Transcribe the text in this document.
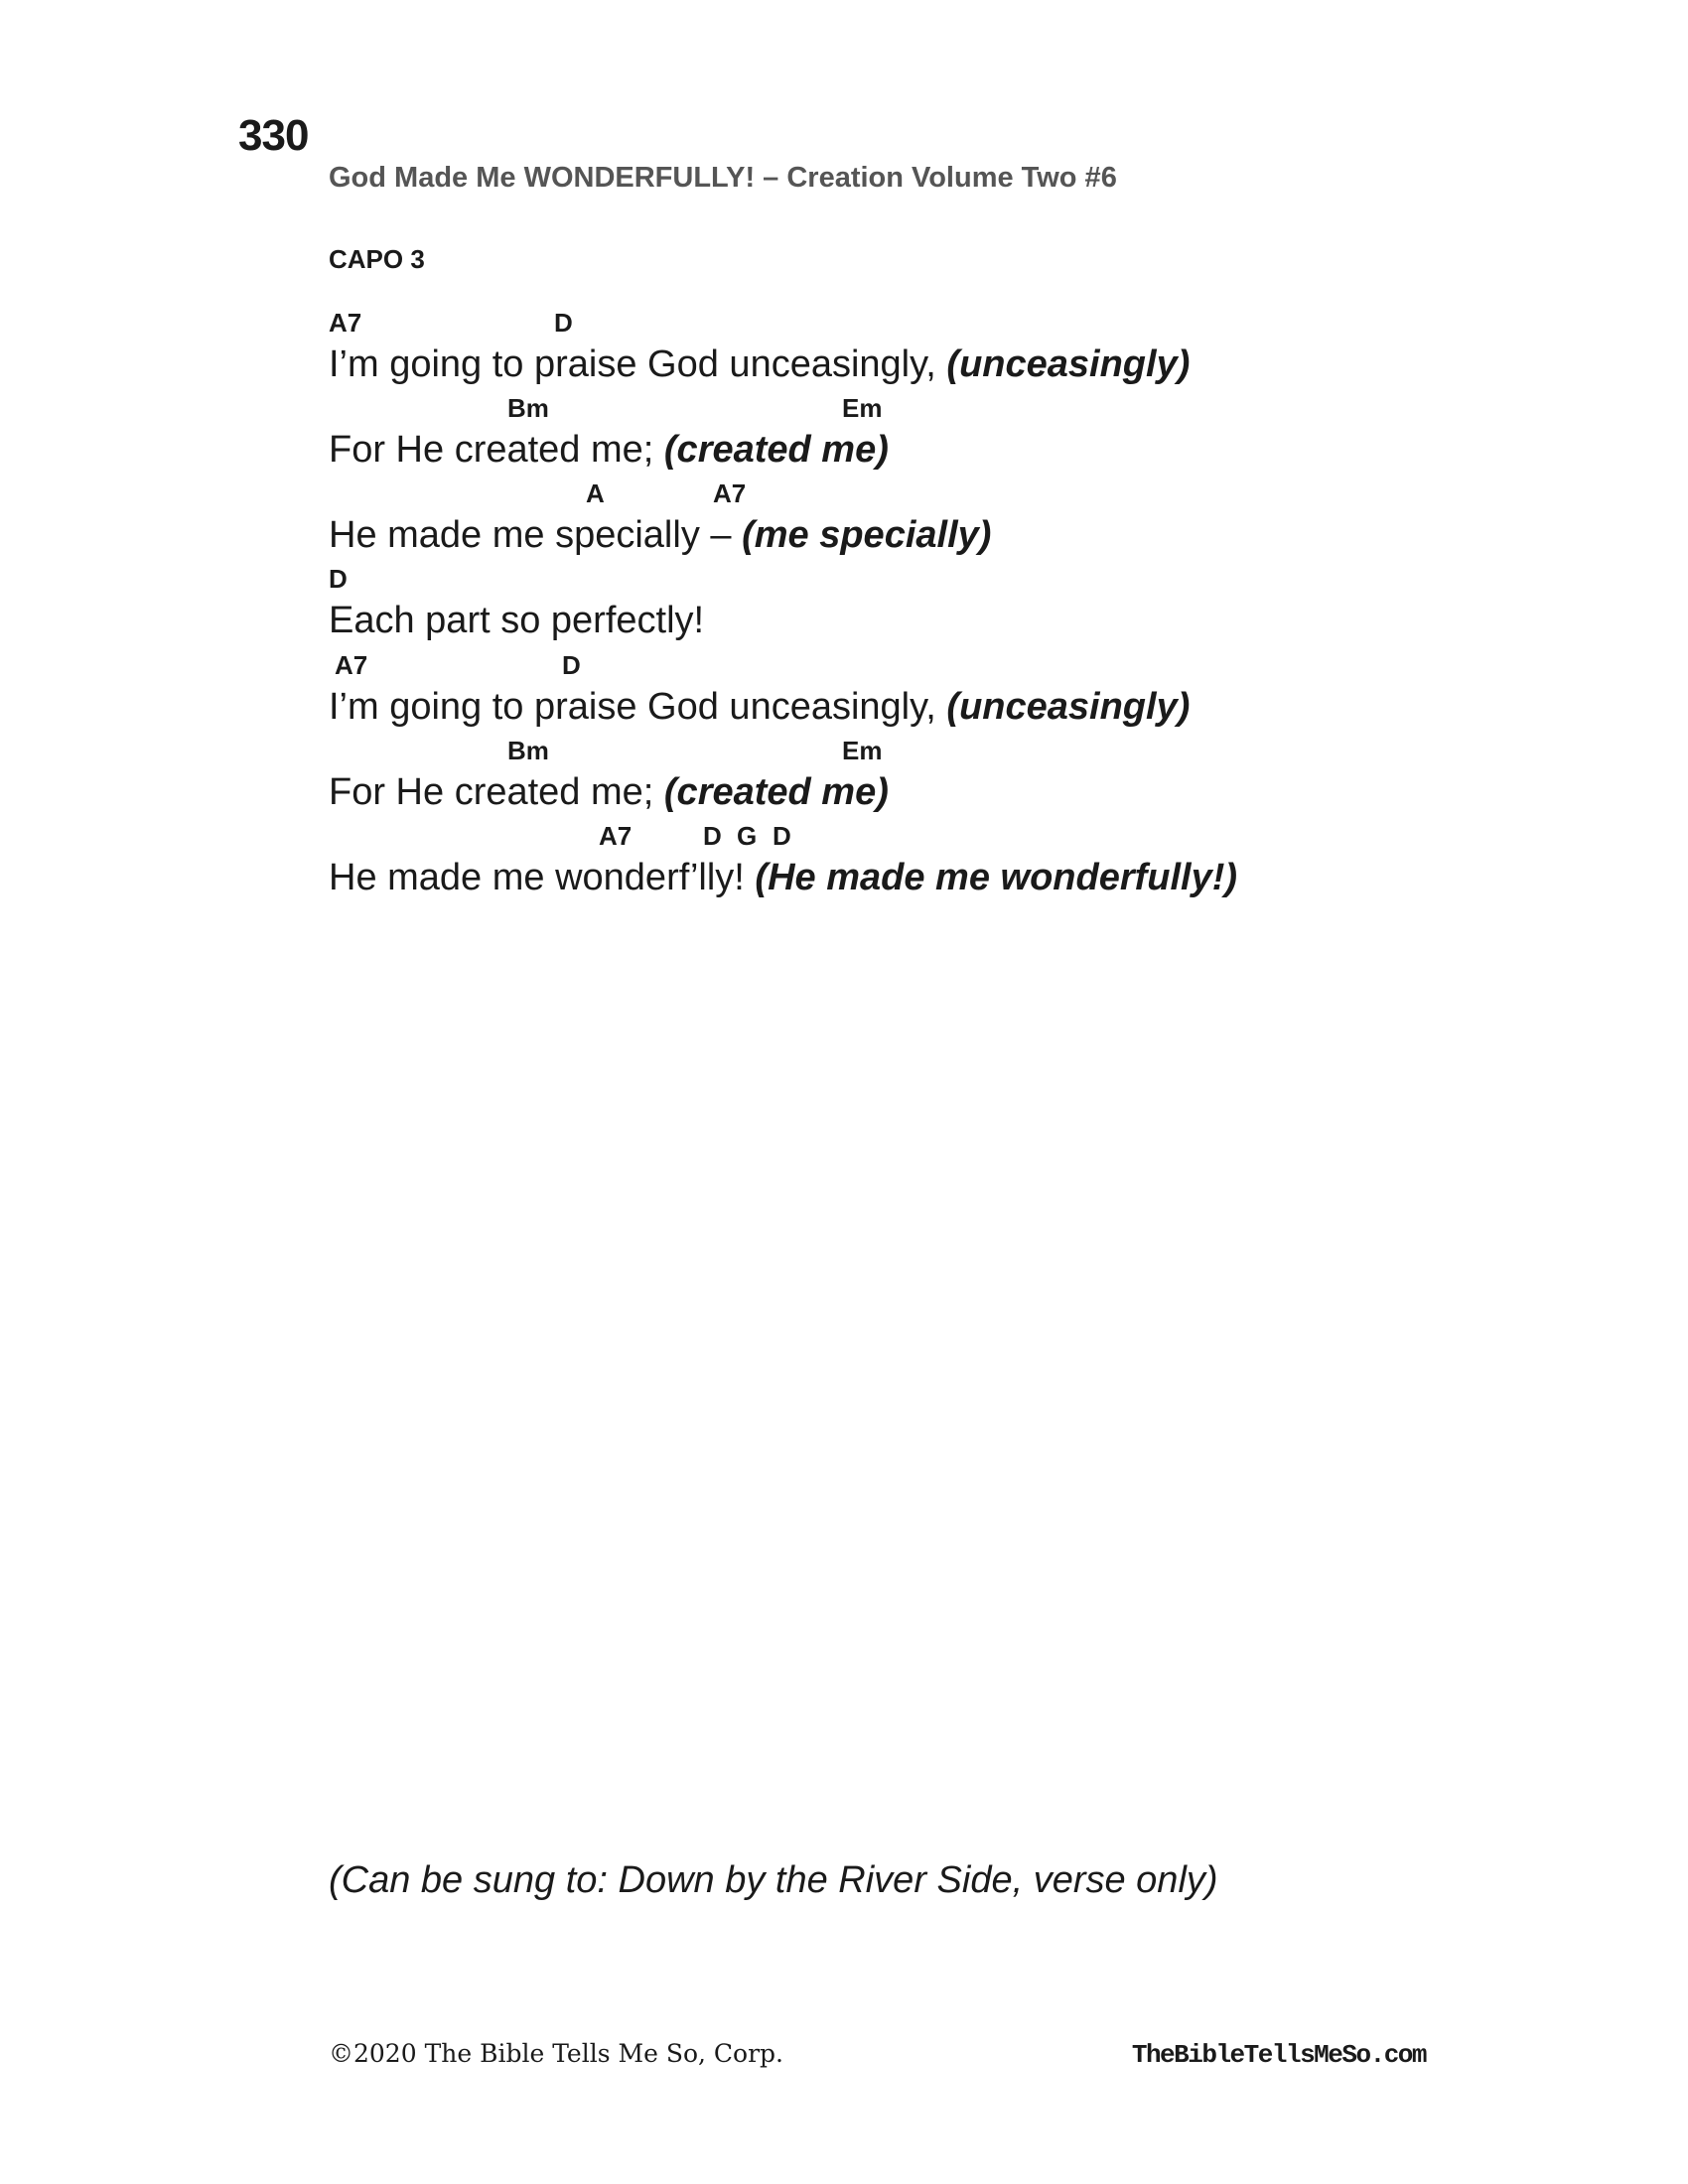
330
God Made Me WONDERFULLY! – Creation Volume Two #6
CAPO 3
A7	D
I’m going to praise God unceasingly, (unceasingly)
Bm	Em
For He created me; (created me)
A	A7
He made me specially – (me specially)
D
Each part so perfectly!
A7	D
I’m going to praise God unceasingly, (unceasingly)
Bm	Em
For He created me; (created me)
A7	D G D
He made me wonderf’lly! (He made me wonderfully!)
(Can be sung to: Down by the River Side, verse only)
©2020 The Bible Tells Me So, Corp.	TheBibleTellsMeSo.com
